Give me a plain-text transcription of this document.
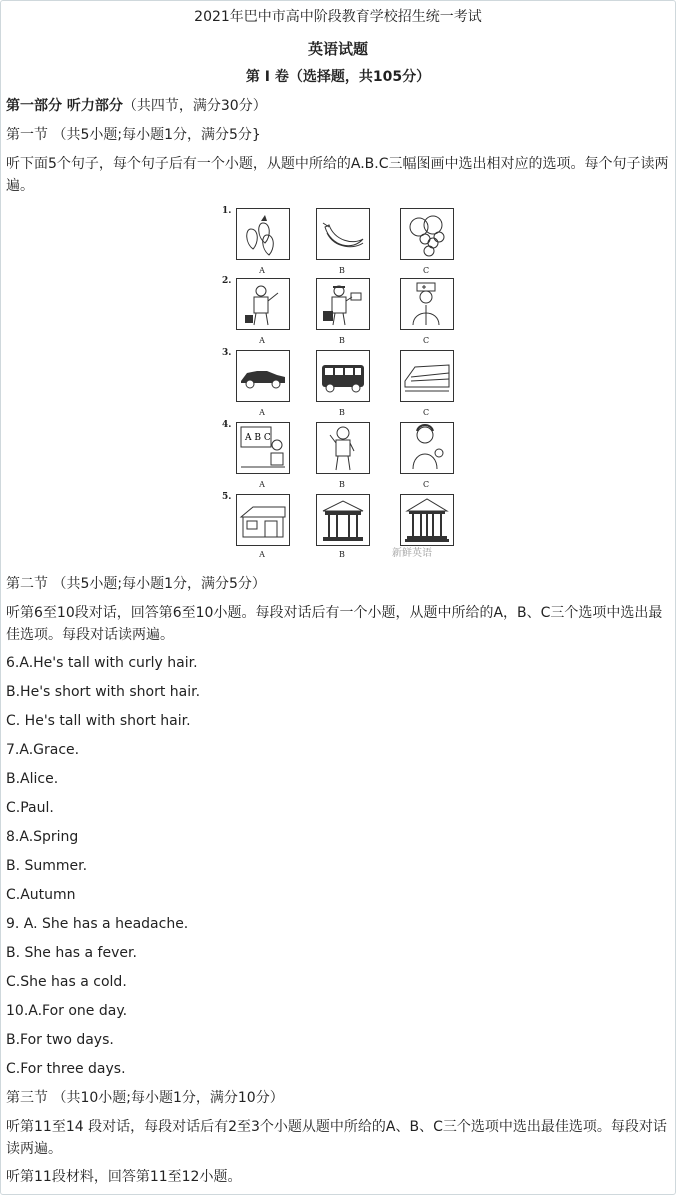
2021年巴中市高中阶段教育学校招生统一考试
英语试题
第 I 卷（选择题，共105分）
第一部分 听力部分（共四节，满分30分）
第一节 （共5小题;每小题1分，满分5分}
听下面5个句子，每个句子后有一个小题，从题中所给的A.B.C三幅图画中选出相对应的选项。每个句子读两遍。
1.
A	B	C
2.
A	B	C
3.
A	B	C
4.
A B C
A	B	C
5.
A	B	新鲜英语
第二节 （共5小题;每小题1分，满分5分）
听第6至10段对话，回答第6至10小题。每段对话后有一个小题，从题中所给的A，B、C三个选项中选出最佳选项。每段对话读两遍。
6.A.He's tall with curly hair.
B.He's short with short hair.
C. He's tall with short hair.
7.A.Grace.
B.Alice.
C.Paul.
8.A.Spring
B. Summer.
C.Autumn
9. A. She has a headache.
B. She has a fever.
C.She has a cold.
10.A.For one day.
B.For two days.
C.For three days.
第三节 （共10小题;每小题1分，满分10分）
听第11至14 段对话，每段对话后有2至3个小题从题中所给的A、B、C三个选项中选出最佳选项。每段对话读两遍。
听第11段材料，回答第11至12小题。
